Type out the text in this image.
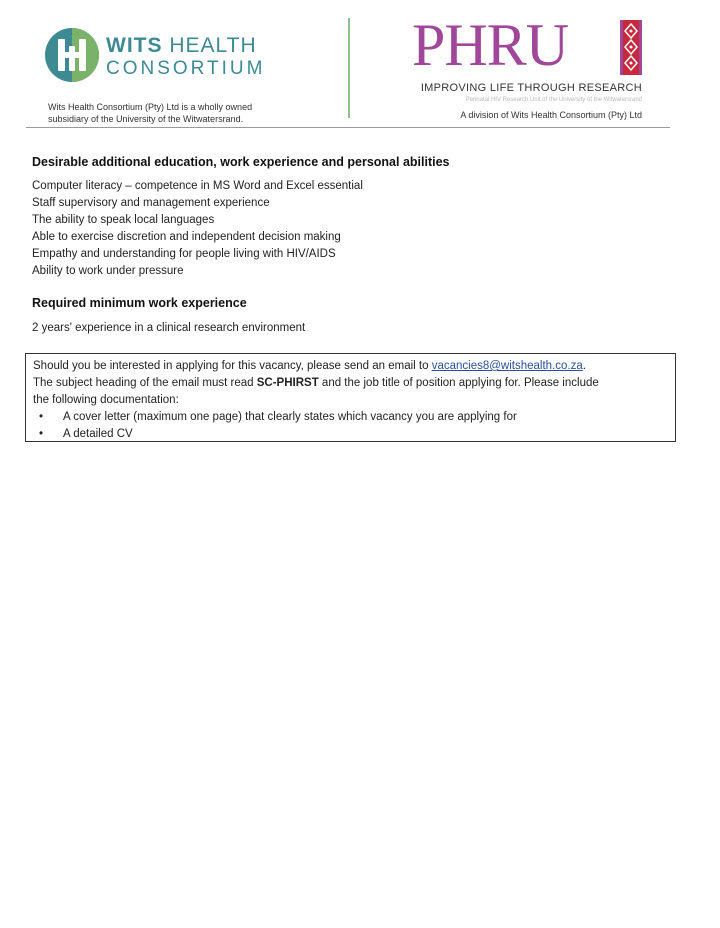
WITS HEALTH
CONSORTIUM
Wits Health Consortium (Pty) Ltd is a wholly owned
subsidiary of the University of the Witwatersrand.
PHRU
IMPROVING LIFE THROUGH RESEARCH
Perinatal HIV Research Unit of the University of the Witwatersrand
A division of Wits Health Consortium (Pty) Ltd
Desirable additional education, work experience and personal abilities
Computer literacy – competence in MS Word and Excel essential
Staff supervisory and management experience
The ability to speak local languages
Able to exercise discretion and independent decision making
Empathy and understanding for people living with HIV/AIDS
Ability to work under pressure
Required minimum work experience
2 years' experience in a clinical research environment

Should you be interested in applying for this vacancy, please send an email to vacancies8@witshealth.co.za.

The subject heading of the email must read SC-PHIRST and the job title of position applying for. Please include

the following documentation:

• A cover letter (maximum one page) that clearly states which vacancy you are applying for
• A detailed CV
